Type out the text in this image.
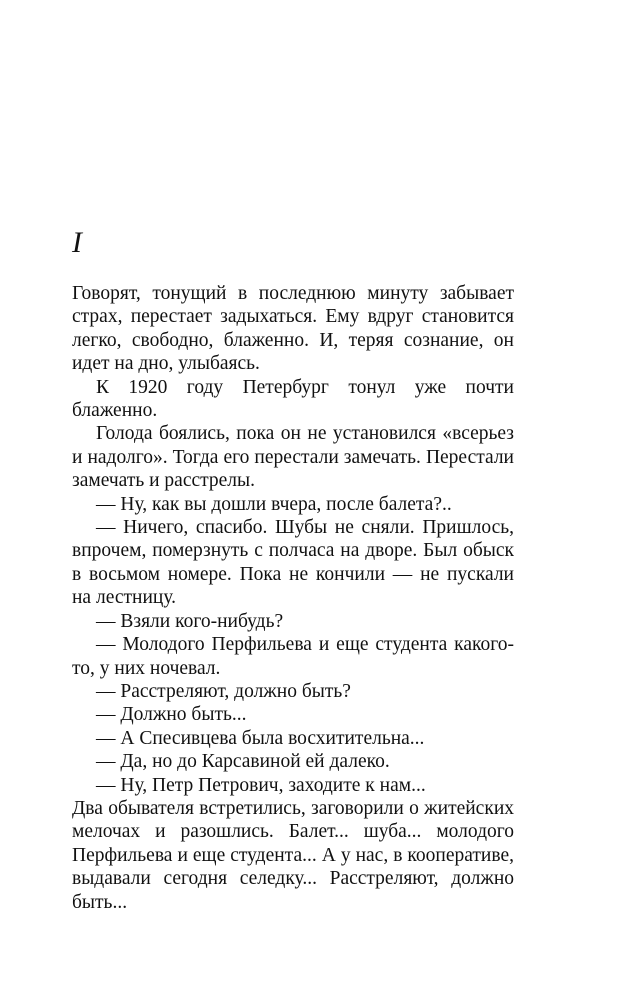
I

Говорят, тонущий в последнюю минуту забывает страх, перестает задыхаться. Ему вдруг становится легко, свободно, блаженно. И, теряя сознание, он идет на дно, улыбаясь.

К 1920 году Петербург тонул уже почти блаженно.

Голода боялись, пока он не установился «всерьез и надолго». Тогда его перестали замечать. Перестали замечать и расстрелы.

— Ну, как вы дошли вчера, после балета?..

— Ничего, спасибо. Шубы не сняли. Пришлось, впрочем, померзнуть с полчаса на дворе. Был обыск в восьмом номере. Пока не кончили — не пускали на лестницу.

— Взяли кого-нибудь?

— Молодого Перфильева и еще студента какого-то, у них ночевал.

— Расстреляют, должно быть?

— Должно быть...

— А Спесивцева была восхитительна...

— Да, но до Карсавиной ей далеко.

— Ну, Петр Петрович, заходите к нам...

Два обывателя встретились, заговорили о житейских мелочах и разошлись. Балет... шуба... молодого Перфильева и еще студента... А у нас, в кооперативе, выдавали сегодня селедку... Расстреляют, должно быть...
